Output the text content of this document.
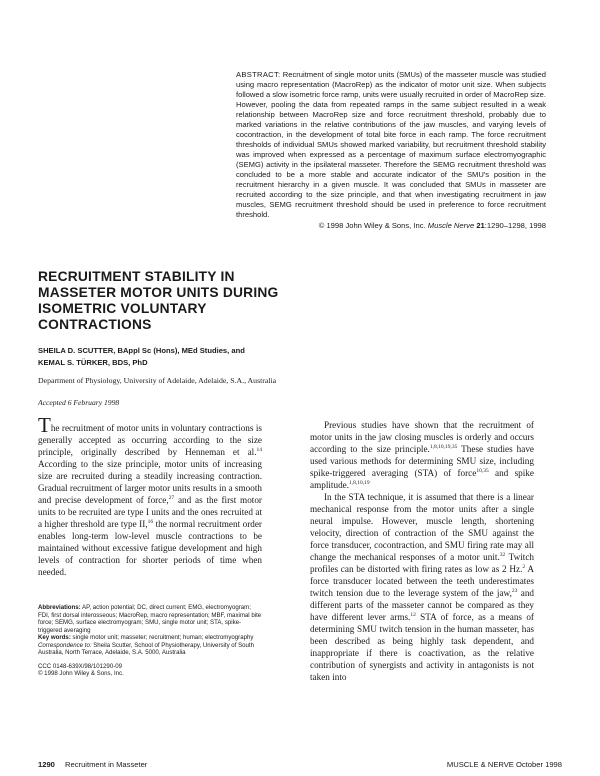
ABSTRACT: Recruitment of single motor units (SMUs) of the masseter muscle was studied using macro representation (MacroRep) as the indicator of motor unit size. When subjects followed a slow isometric force ramp, units were usually recruited in order of MacroRep size. However, pooling the data from repeated ramps in the same subject resulted in a weak relationship between MacroRep size and force recruitment threshold, probably due to marked variations in the relative contributions of the jaw muscles, and varying levels of cocontraction, in the development of total bite force in each ramp. The force recruitment thresholds of individual SMUs showed marked variability, but recruitment threshold stability was improved when expressed as a percentage of maximum surface electromyographic (SEMG) activity in the ipsilateral masseter. Therefore the SEMG recruitment threshold was concluded to be a more stable and accurate indicator of the SMU's position in the recruitment hierarchy in a given muscle. It was concluded that SMUs in masseter are recruited according to the size principle, and that when investigating recruitment in jaw muscles, SEMG recruitment threshold should be used in preference to force recruitment threshold.
© 1998 John Wiley & Sons, Inc. Muscle Nerve 21:1290–1298, 1998
RECRUITMENT STABILITY IN MASSETER MOTOR UNITS DURING ISOMETRIC VOLUNTARY CONTRACTIONS
SHEILA D. SCUTTER, BAppl Sc (Hons), MEd Studies, and
KEMAL S. TÜRKER, BDS, PhD
Department of Physiology, University of Adelaide, Adelaide, S.A., Australia
Accepted 6 February 1998

The recruitment of motor units in voluntary contractions is generally accepted as occurring according to the size principle, originally described by Henneman et al.$^{14}$ According to the size principle, motor units of increasing size are recruited during a steadily increasing contraction. Gradual recruitment of larger motor units results in a smooth and precise development of force,$^{27}$ and as the first motor units to be recruited are type I units and the ones recruited at a higher threshold are type II,$^{16}$ the normal recruitment order enables long-term low-level muscle contractions to be maintained without excessive fatigue development and high levels of contraction for shorter periods of time when needed.

Previous studies have shown that the recruitment of motor units in the jaw closing muscles is orderly and occurs according to the size principle.$^{1,8,10,19,35}$ These studies have used various methods for determining SMU size, including spike-triggered averaging (STA) of force$^{10,35}$ and spike amplitude.$^{1,8,10,19}$

In the STA technique, it is assumed that there is a linear mechanical response from the motor units after a single neural impulse. However, muscle length, shortening velocity, direction of contraction of the SMU against the force transducer, cocontraction, and SMU firing rate may all change the mechanical responses of a motor unit.$^{32}$ Twitch profiles can be distorted with firing rates as low as 2 Hz.$^2$ A force transducer located between the teeth underestimates twitch tension due to the leverage system of the jaw,$^{23}$ and different parts of the masseter cannot be compared as they have different lever arms.$^{12}$ STA of force, as a means of determining SMU twitch tension in the human masseter, has been described as being highly task dependent, and inappropriate if there is coactivation, as the relative contribution of synergists and activity in antagonists is not taken into

Abbreviations: AP, action potential; DC, direct current; EMG, electromyogram; FDI, first dorsal interosseous; MacroRep, macro representation; MBF, maximal bite force; SEMG, surface electromyogram; SMU, single motor unit; STA, spike-triggered averaging

Key words: single motor unit; masseter; recruitment; human; electromyography

Correspondence to: Sheila Scutter, School of Physiotherapy, University of South Australia, North Terrace, Adelaide, S.A. 5000, Australia

CCC 0148-639X/98/101290-09

© 1998 John Wiley & Sons, Inc.

1290 Recruitment in Masseter	MUSCLE & NERVE October 1998
